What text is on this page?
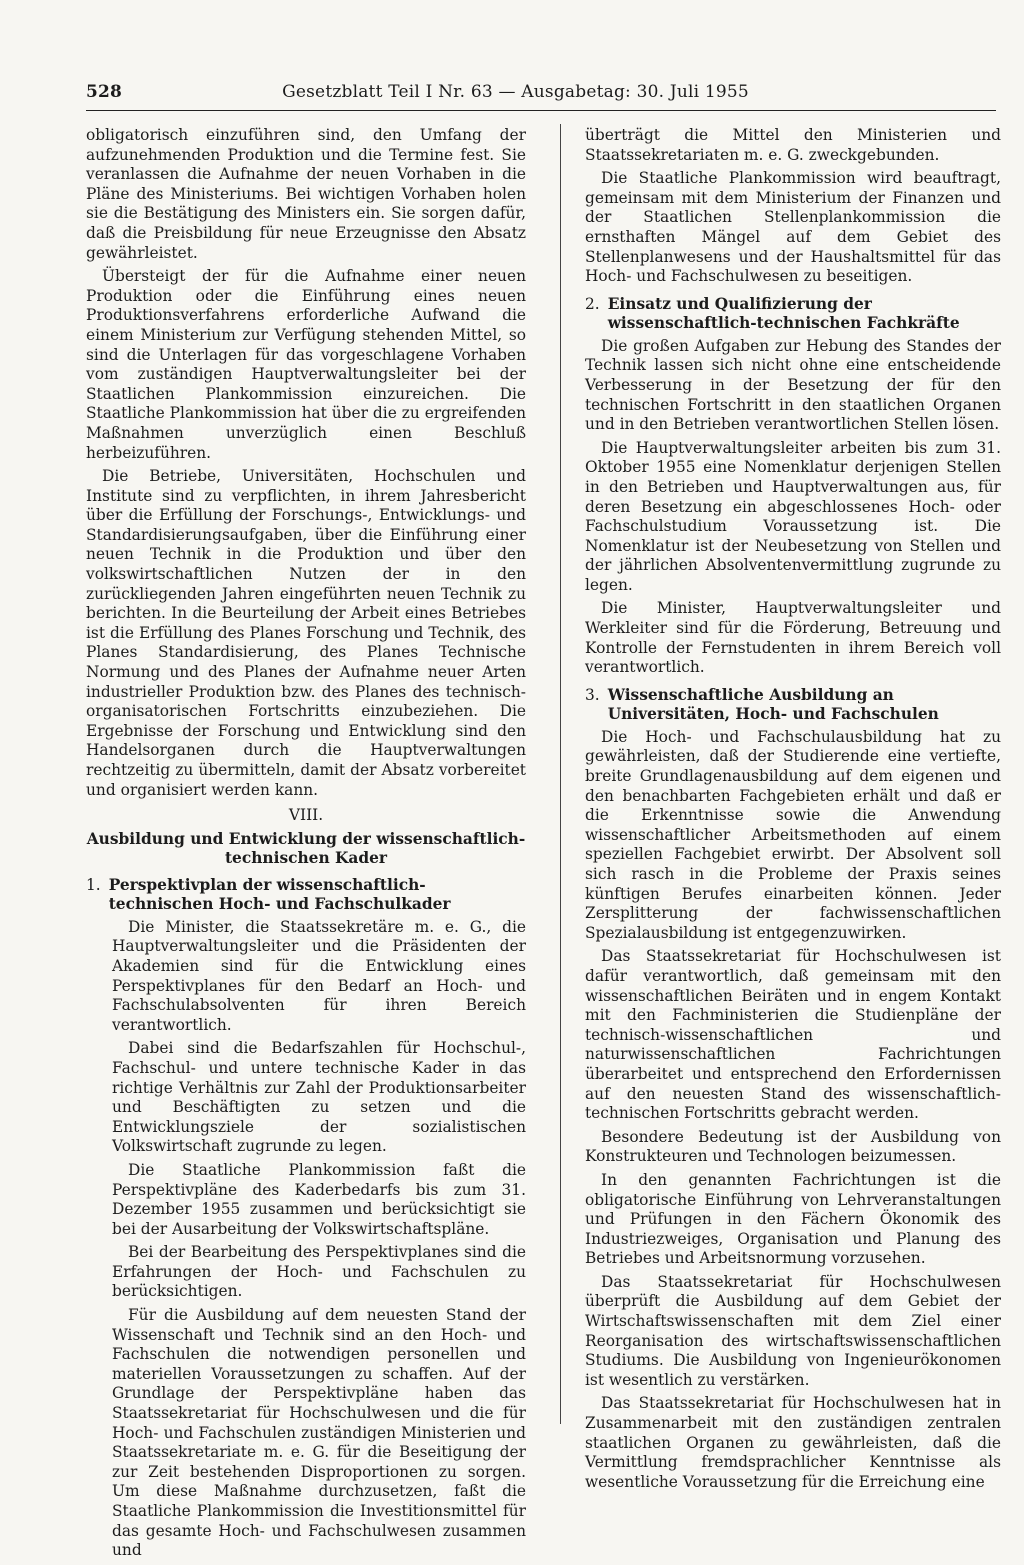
528	Gesetzblatt Teil I Nr. 63 — Ausgabetag: 30. Juli 1955

obligatorisch einzuführen sind, den Umfang der aufzunehmenden Produktion und die Termine fest. Sie veranlassen die Aufnahme der neuen Vorhaben in die Pläne des Ministeriums. Bei wichtigen Vorhaben holen sie die Bestätigung des Ministers ein. Sie sorgen dafür, daß die Preisbildung für neue Erzeugnisse den Absatz gewährleistet.

Übersteigt der für die Aufnahme einer neuen Produktion oder die Einführung eines neuen Produktionsverfahrens erforderliche Aufwand die einem Ministerium zur Verfügung stehenden Mittel, so sind die Unterlagen für das vorgeschlagene Vorhaben vom zuständigen Hauptverwaltungsleiter bei der Staatlichen Plankommission einzureichen. Die Staatliche Plankommission hat über die zu ergreifenden Maßnahmen unverzüglich einen Beschluß herbeizuführen.

Die Betriebe, Universitäten, Hochschulen und Institute sind zu verpflichten, in ihrem Jahresbericht über die Erfüllung der Forschungs-, Entwicklungs- und Standardisierungsaufgaben, über die Einführung einer neuen Technik in die Produktion und über den volkswirtschaftlichen Nutzen der in den zurückliegenden Jahren eingeführten neuen Technik zu berichten. In die Beurteilung der Arbeit eines Betriebes ist die Erfüllung des Planes Forschung und Technik, des Planes Standardisierung, des Planes Technische Normung und des Planes der Aufnahme neuer Arten industrieller Produktion bzw. des Planes des technisch-organisatorischen Fortschritts einzubeziehen. Die Ergebnisse der Forschung und Entwicklung sind den Handelsorganen durch die Hauptverwaltungen rechtzeitig zu übermitteln, damit der Absatz vorbereitet und organisiert werden kann.

VIII.
Ausbildung und Entwicklung der wissenschaftlich-technischen Kader
1. Perspektivplan der wissenschaftlich-technischen Hoch- und Fachschulkader

Die Minister, die Staatssekretäre m. e. G., die Hauptverwaltungsleiter und die Präsidenten der Akademien sind für die Entwicklung eines Perspektivplanes für den Bedarf an Hoch- und Fachschulabsolventen für ihren Bereich verantwortlich.

Dabei sind die Bedarfszahlen für Hochschul-, Fachschul- und untere technische Kader in das richtige Verhältnis zur Zahl der Produktionsarbeiter und Beschäftigten zu setzen und die Entwicklungsziele der sozialistischen Volkswirtschaft zugrunde zu legen.

Die Staatliche Plankommission faßt die Perspektivpläne des Kaderbedarfs bis zum 31. Dezember 1955 zusammen und berücksichtigt sie bei der Ausarbeitung der Volkswirtschaftspläne.

Bei der Bearbeitung des Perspektivplanes sind die Erfahrungen der Hoch- und Fachschulen zu berücksichtigen.

Für die Ausbildung auf dem neuesten Stand der Wissenschaft und Technik sind an den Hoch- und Fachschulen die notwendigen personellen und materiellen Voraussetzungen zu schaffen. Auf der Grundlage der Perspektivpläne haben das Staatssekretariat für Hochschulwesen und die für Hoch- und Fachschulen zuständigen Ministerien und Staatssekretariate m. e. G. für die Beseitigung der zur Zeit bestehenden Disproportionen zu sorgen. Um diese Maßnahme durchzusetzen, faßt die Staatliche Plankommission die Investitionsmittel für das gesamte Hoch- und Fachschulwesen zusammen und

überträgt die Mittel den Ministerien und Staatssekretariaten m. e. G. zweckgebunden.

Die Staatliche Plankommission wird beauftragt, gemeinsam mit dem Ministerium der Finanzen und der Staatlichen Stellenplankommission die ernsthaften Mängel auf dem Gebiet des Stellenplanwesens und der Haushaltsmittel für das Hoch- und Fachschulwesen zu beseitigen.

2. Einsatz und Qualifizierung der wissenschaftlich-technischen Fachkräfte

Die großen Aufgaben zur Hebung des Standes der Technik lassen sich nicht ohne eine entscheidende Verbesserung in der Besetzung der für den technischen Fortschritt in den staatlichen Organen und in den Betrieben verantwortlichen Stellen lösen.

Die Hauptverwaltungsleiter arbeiten bis zum 31. Oktober 1955 eine Nomenklatur derjenigen Stellen in den Betrieben und Hauptverwaltungen aus, für deren Besetzung ein abgeschlossenes Hoch- oder Fachschulstudium Voraussetzung ist. Die Nomenklatur ist der Neubesetzung von Stellen und der jährlichen Absolventenvermittlung zugrunde zu legen.

Die Minister, Hauptverwaltungsleiter und Werkleiter sind für die Förderung, Betreuung und Kontrolle der Fernstudenten in ihrem Bereich voll verantwortlich.

3. Wissenschaftliche Ausbildung an Universitäten, Hoch- und Fachschulen

Die Hoch- und Fachschulausbildung hat zu gewährleisten, daß der Studierende eine vertiefte, breite Grundlagenausbildung auf dem eigenen und den benachbarten Fachgebieten erhält und daß er die Erkenntnisse sowie die Anwendung wissenschaftlicher Arbeitsmethoden auf einem speziellen Fachgebiet erwirbt. Der Absolvent soll sich rasch in die Probleme der Praxis seines künftigen Berufes einarbeiten können. Jeder Zersplitterung der fachwissenschaftlichen Spezialausbildung ist entgegenzuwirken.

Das Staatssekretariat für Hochschulwesen ist dafür verantwortlich, daß gemeinsam mit den wissenschaftlichen Beiräten und in engem Kontakt mit den Fachministerien die Studienpläne der technisch-wissenschaftlichen und naturwissenschaftlichen Fachrichtungen überarbeitet und entsprechend den Erfordernissen auf den neuesten Stand des wissenschaftlich-technischen Fortschritts gebracht werden.

Besondere Bedeutung ist der Ausbildung von Konstrukteuren und Technologen beizumessen.

In den genannten Fachrichtungen ist die obligatorische Einführung von Lehrveranstaltungen und Prüfungen in den Fächern Ökonomik des Industriezweiges, Organisation und Planung des Betriebes und Arbeitsnormung vorzusehen.

Das Staatssekretariat für Hochschulwesen überprüft die Ausbildung auf dem Gebiet der Wirtschaftswissenschaften mit dem Ziel einer Reorganisation des wirtschaftswissenschaftlichen Studiums. Die Ausbildung von Ingenieurökonomen ist wesentlich zu verstärken.

Das Staatssekretariat für Hochschulwesen hat in Zusammenarbeit mit den zuständigen zentralen staatlichen Organen zu gewährleisten, daß die Vermittlung fremdsprachlicher Kenntnisse als wesentliche Voraussetzung für die Erreichung eine
